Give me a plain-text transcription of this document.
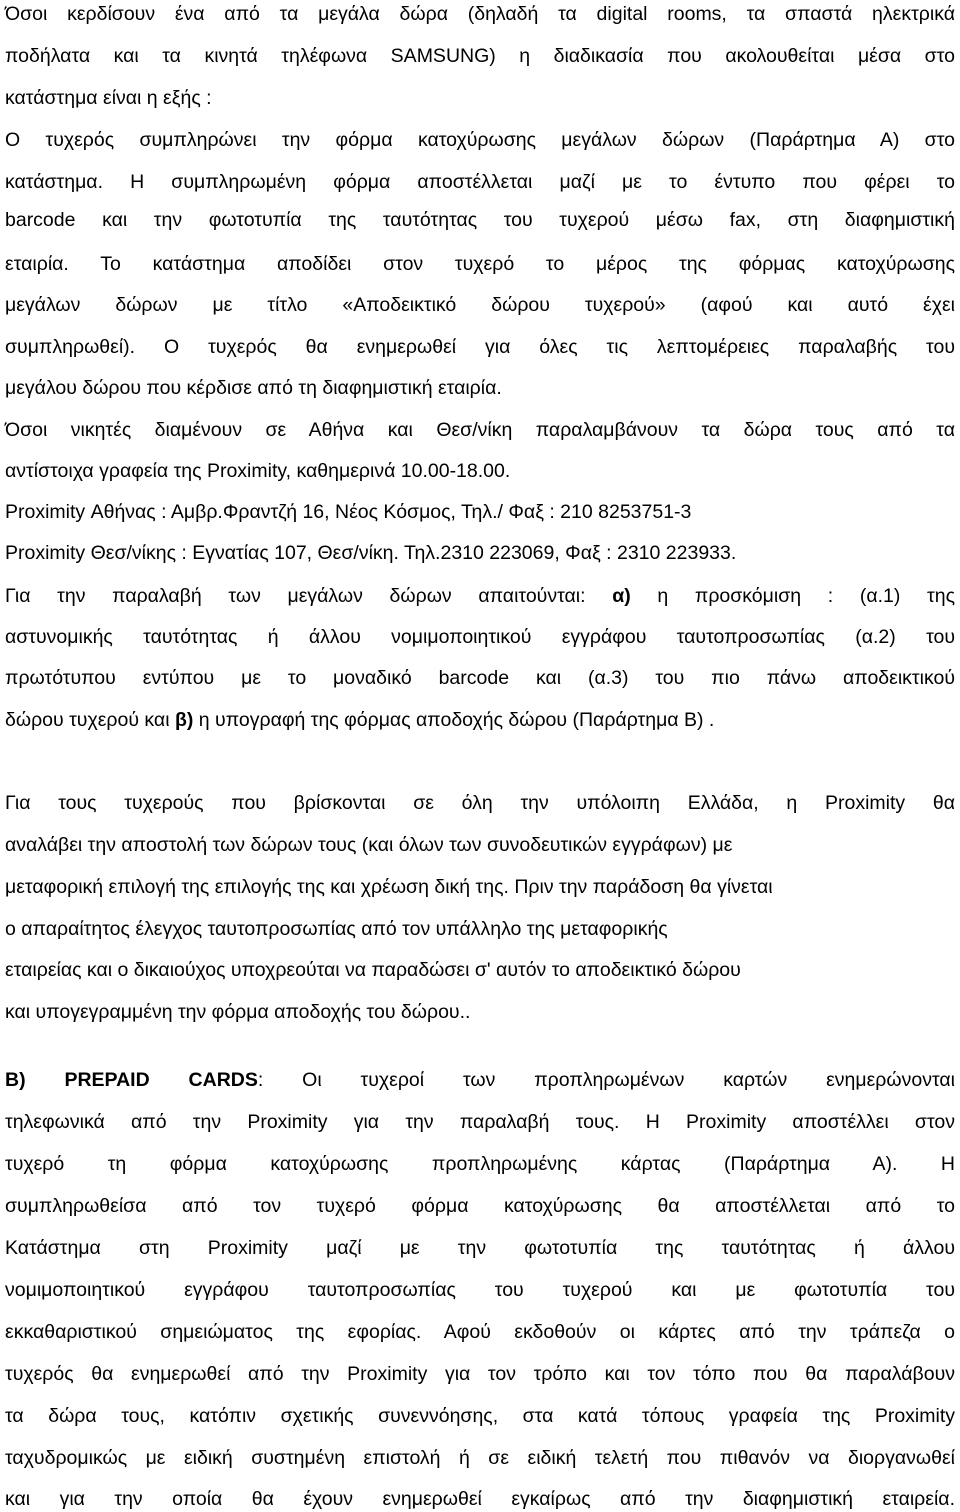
Όσοι κερδίσουν ένα από τα μεγάλα δώρα (δηλαδή τα digital rooms, τα σπαστά ηλεκτρικά
ποδήλατα και τα κινητά τηλέφωνα SAMSUNG) η διαδικασία που ακολουθείται μέσα στο
κατάστημα είναι η εξής :
Ο τυχερός συμπληρώνει την φόρμα κατοχύρωσης μεγάλων δώρων (Παράρτημα Α) στο
κατάστημα. Η συμπληρωμένη φόρμα αποστέλλεται μαζί με το έντυπο που φέρει το
barcode και την φωτοτυπία της ταυτότητας του τυχερού μέσω fax, στη διαφημιστική
εταιρία. Το κατάστημα αποδίδει στον τυχερό το μέρος της φόρμας κατοχύρωσης
μεγάλων δώρων με τίτλο «Αποδεικτικό δώρου τυχερού» (αφού και αυτό έχει
συμπληρωθεί). Ο τυχερός θα ενημερωθεί για όλες τις λεπτομέρειες παραλαβής του
μεγάλου δώρου που κέρδισε από τη διαφημιστική εταιρία.
Όσοι νικητές διαμένουν σε Αθήνα και Θεσ/νίκη παραλαμβάνουν τα δώρα τους από τα
αντίστοιχα γραφεία της Proximity, καθημερινά 10.00-18.00.
Proximity Αθήνας : Αμβρ.Φραντζή 16, Νέος Κόσμος, Τηλ./ Φαξ : 210 8253751-3
Proximity Θεσ/νίκης : Εγνατίας 107, Θεσ/νίκη. Τηλ.2310 223069, Φαξ : 2310 223933.
Για την παραλαβή των μεγάλων δώρων απαιτούνται: α) η προσκόμιση : (α.1) της
αστυνομικής ταυτότητας ή άλλου νομιμοποιητικού εγγράφου ταυτοπροσωπίας (α.2) του
πρωτότυπου εντύπου με το μοναδικό barcode και (α.3) του πιο πάνω αποδεικτικού
δώρου τυχερού και β) η υπογραφή της φόρμας αποδοχής δώρου (Παράρτημα Β) .
Για τους τυχερούς που βρίσκονται σε όλη την υπόλοιπη Ελλάδα, η Proximity θα
αναλάβει την αποστολή των δώρων τους (και όλων των συνοδευτικών εγγράφων) με
μεταφορική επιλογή της επιλογής της και χρέωση δική της. Πριν την παράδοση θα γίνεται
ο απαραίτητος έλεγχος ταυτοπροσωπίας από τον υπάλληλο της μεταφορικής
εταιρείας και ο δικαιούχος υποχρεούται να παραδώσει σ' αυτόν το αποδεικτικό δώρου
και υπογεγραμμένη την φόρμα αποδοχής του δώρου..
B) PREPAID CARDS: Οι τυχεροί των προπληρωμένων καρτών ενημερώνονται
τηλεφωνικά από την Proximity για την παραλαβή τους. Η Proximity αποστέλλει στον
τυχερό τη φόρμα κατοχύρωσης προπληρωμένης κάρτας (Παράρτημα Α). Η
συμπληρωθείσα από τον τυχερό φόρμα κατοχύρωσης θα αποστέλλεται από το
Κατάστημα στη Proximity μαζί με την φωτοτυπία της ταυτότητας ή άλλου
νομιμοποιητικού εγγράφου ταυτοπροσωπίας του τυχερού και με φωτοτυπία του
εκκαθαριστικού σημειώματος της εφορίας. Αφού εκδοθούν οι κάρτες από την τράπεζα ο
τυχερός θα ενημερωθεί από την Proximity για τον τρόπο και τον τόπο που θα παραλάβουν
τα δώρα τους, κατόπιν σχετικής συνεννόησης, στα κατά τόπους γραφεία της Proximity
ταχυδρομικώς με ειδική συστημένη επιστολή ή σε ειδική τελετή που πιθανόν να διοργανωθεί
και για την οποία θα έχουν ενημερωθεί εγκαίρως από την διαφημιστική εταιρεία.
